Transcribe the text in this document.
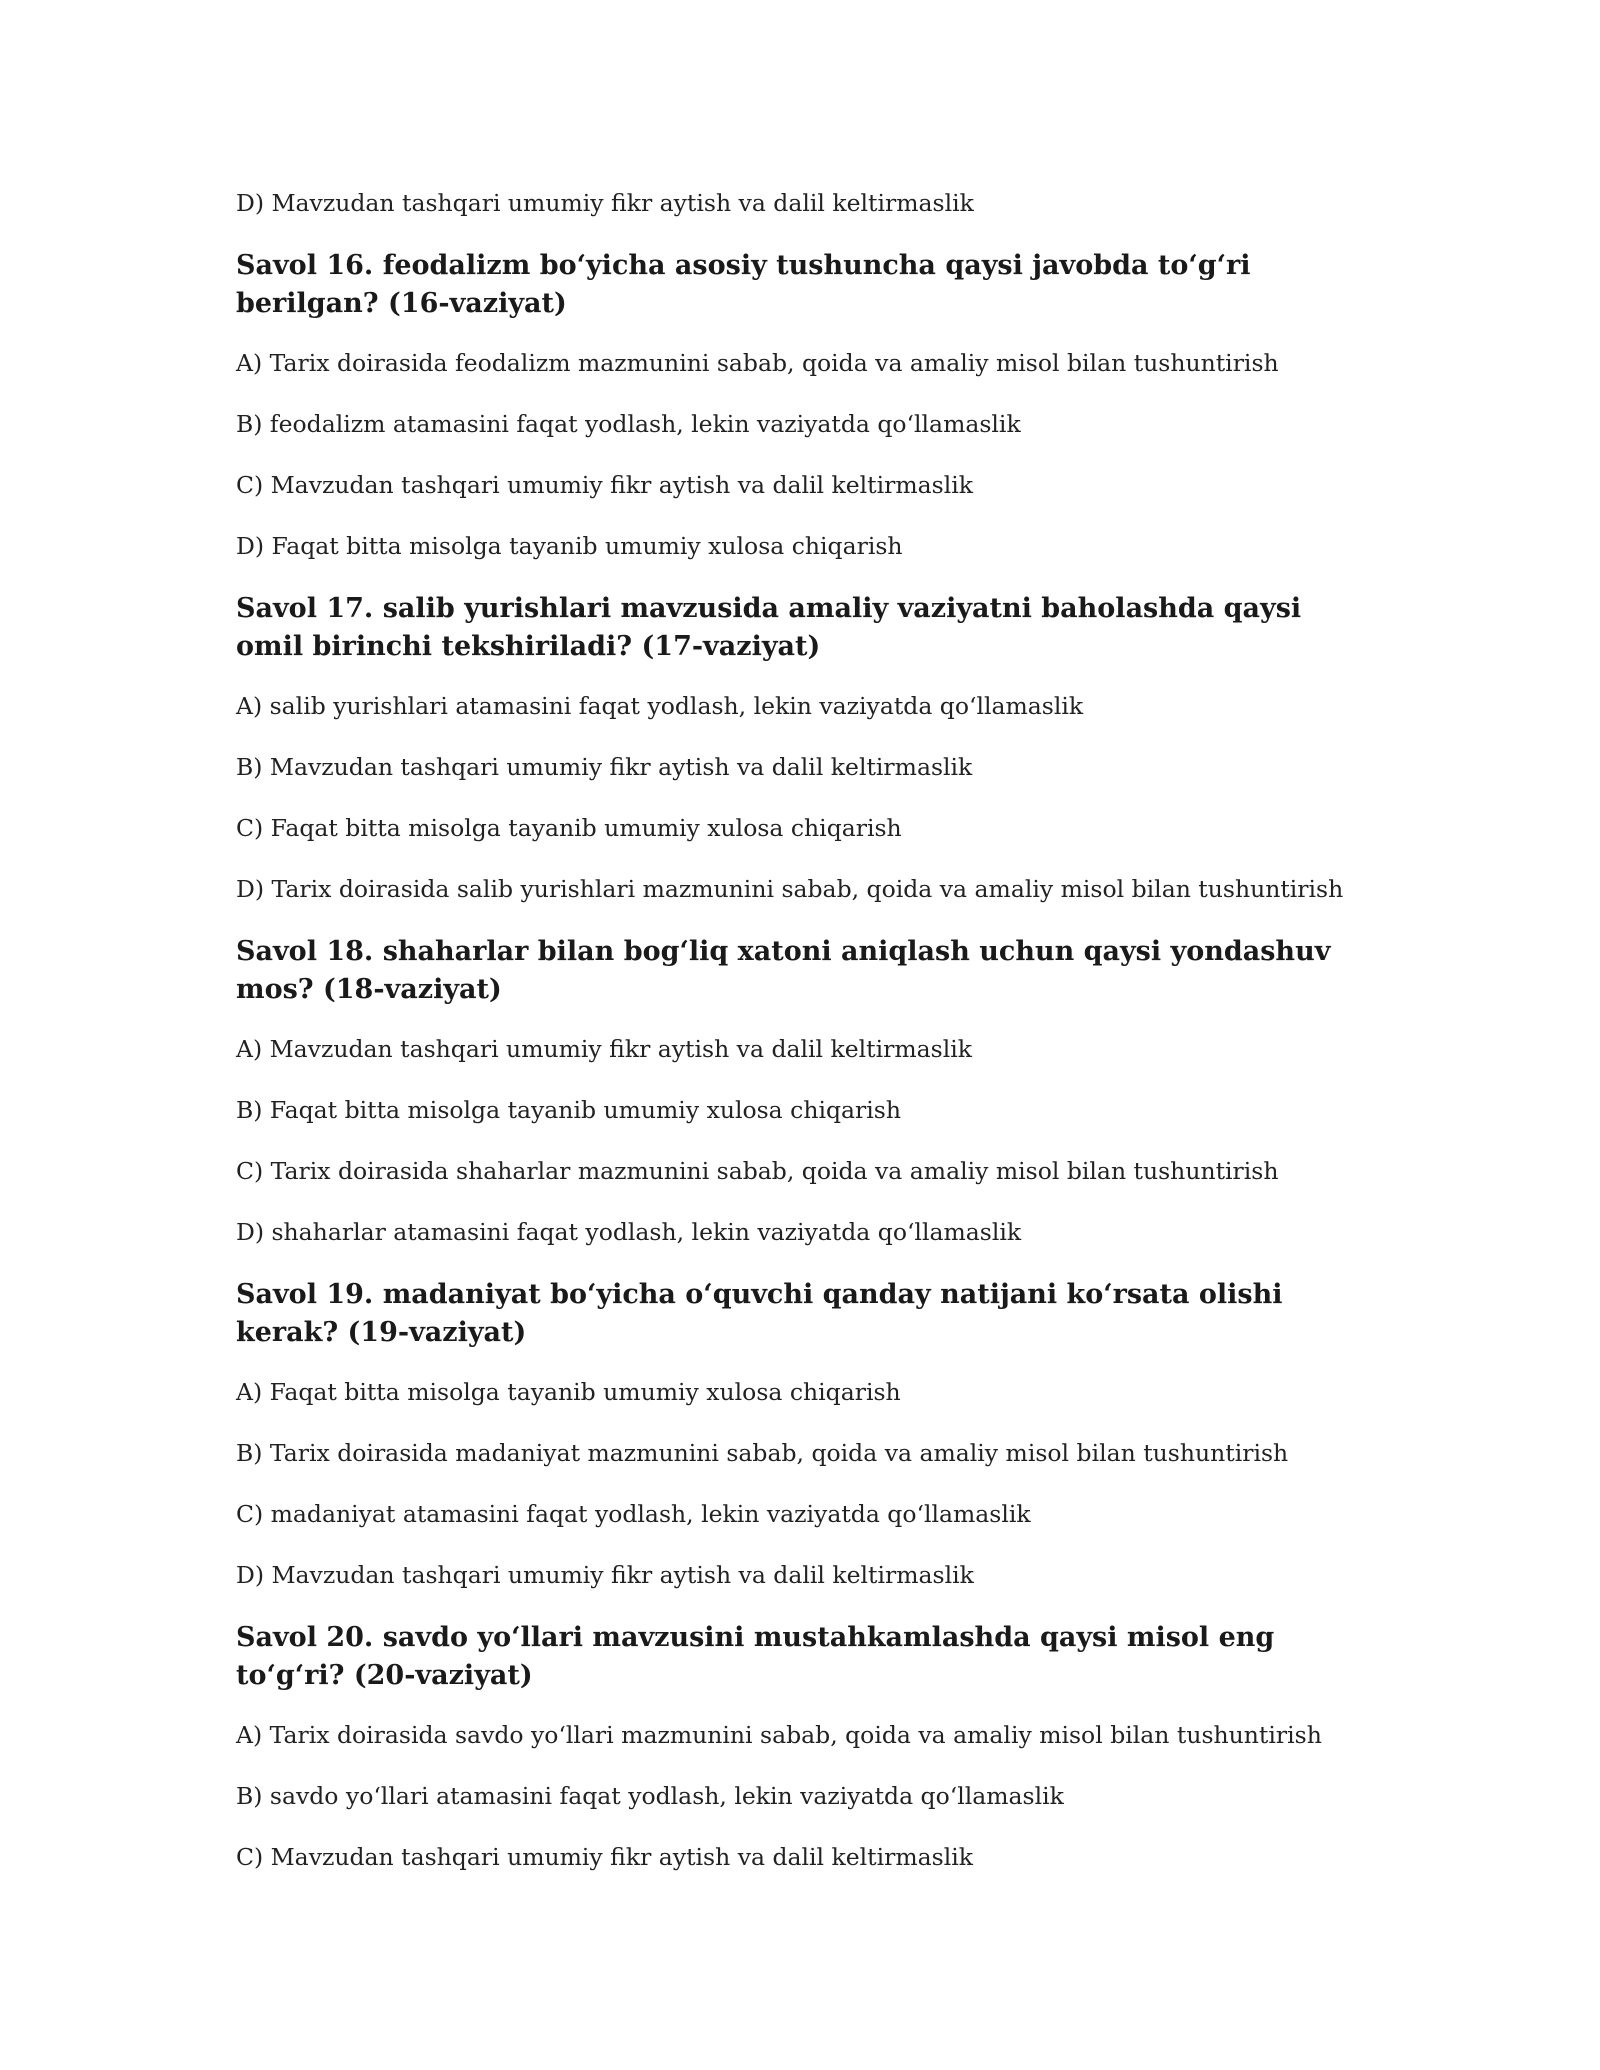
D) Mavzudan tashqari umumiy fikr aytish va dalil keltirmaslik

Savol 16. feodalizm bo‘yicha asosiy tushuncha qaysi javobda to‘g‘ri berilgan? (16-vaziyat)

A) Tarix doirasida feodalizm mazmunini sabab, qoida va amaliy misol bilan tushuntirish

B) feodalizm atamasini faqat yodlash, lekin vaziyatda qo‘llamaslik

C) Mavzudan tashqari umumiy fikr aytish va dalil keltirmaslik

D) Faqat bitta misolga tayanib umumiy xulosa chiqarish

Savol 17. salib yurishlari mavzusida amaliy vaziyatni baholashda qaysi omil birinchi tekshiriladi? (17-vaziyat)

A) salib yurishlari atamasini faqat yodlash, lekin vaziyatda qo‘llamaslik

B) Mavzudan tashqari umumiy fikr aytish va dalil keltirmaslik

C) Faqat bitta misolga tayanib umumiy xulosa chiqarish

D) Tarix doirasida salib yurishlari mazmunini sabab, qoida va amaliy misol bilan tushuntirish

Savol 18. shaharlar bilan bog‘liq xatoni aniqlash uchun qaysi yondashuv mos? (18-vaziyat)

A) Mavzudan tashqari umumiy fikr aytish va dalil keltirmaslik

B) Faqat bitta misolga tayanib umumiy xulosa chiqarish

C) Tarix doirasida shaharlar mazmunini sabab, qoida va amaliy misol bilan tushuntirish

D) shaharlar atamasini faqat yodlash, lekin vaziyatda qo‘llamaslik

Savol 19. madaniyat bo‘yicha o‘quvchi qanday natijani ko‘rsata olishi kerak? (19-vaziyat)

A) Faqat bitta misolga tayanib umumiy xulosa chiqarish

B) Tarix doirasida madaniyat mazmunini sabab, qoida va amaliy misol bilan tushuntirish

C) madaniyat atamasini faqat yodlash, lekin vaziyatda qo‘llamaslik

D) Mavzudan tashqari umumiy fikr aytish va dalil keltirmaslik

Savol 20. savdo yo‘llari mavzusini mustahkamlashda qaysi misol eng to‘g‘ri? (20-vaziyat)

A) Tarix doirasida savdo yo‘llari mazmunini sabab, qoida va amaliy misol bilan tushuntirish

B) savdo yo‘llari atamasini faqat yodlash, lekin vaziyatda qo‘llamaslik

C) Mavzudan tashqari umumiy fikr aytish va dalil keltirmaslik
